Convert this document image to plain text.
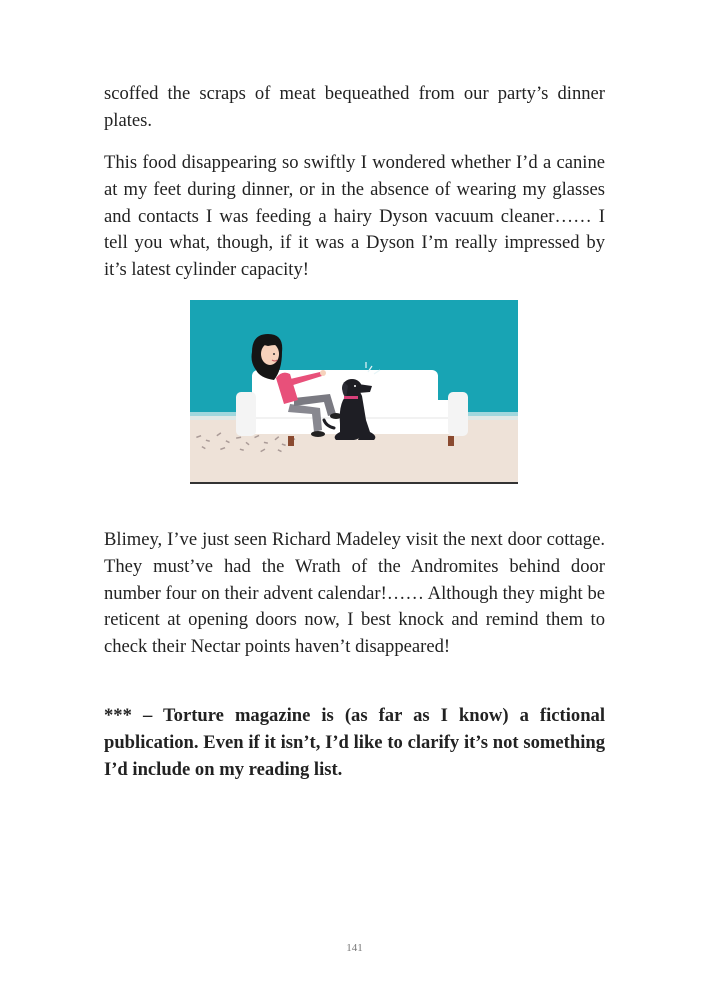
scoffed the scraps of meat bequeathed from our party’s dinner plates.

This food disappearing so swiftly I wondered whether I’d a canine at my feet during dinner, or in the absence of wearing my glasses and contacts I was feeding a hairy Dyson vacuum cleaner…… I tell you what, though, if it was a Dyson I’m really impressed by it’s latest cylinder capacity!

Blimey, I’ve just seen Richard Madeley visit the next door cottage. They must’ve had the Wrath of the Andromites behind door number four on their advent calendar!…… Although they might be reticent at opening doors now, I best knock and remind them to check their Nectar points haven’t disappeared!

*** – Torture magazine is (as far as I know) a fictional publication. Even if it isn’t, I’d like to clarify it’s not something I’d include on my reading list.

141
